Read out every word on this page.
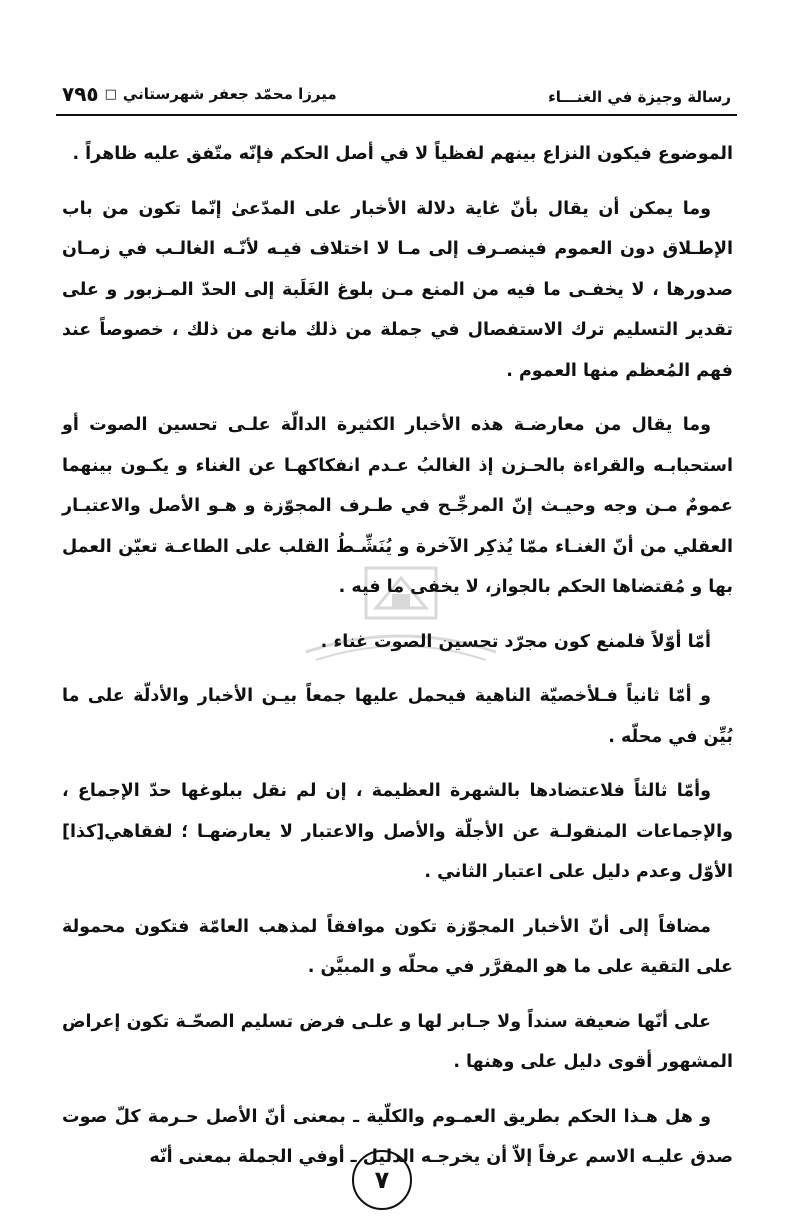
رسالة وجيزة في الغنـــاء
ميرزا محمّد جعفر شهرستاني
□
٧٩٥

الموضوع فيكون النزاع بينهم لفظياً لا في أصل الحكم فإنّه متّفق عليه ظاهراً .

وما يمكن أن يقال بأنّ غاية دلالة الأخبار على المدّعىٰ إنّما تكون من باب الإطـلاق دون العموم فينصـرف إلى مـا لا اختلاف فيـه لأنّـه الغالـب في زمـان صدورها ، لا يخفـى ما فيه من المنع مـن بلوغ الغَلَبة إلى الحدّ المـزبور و على تقدير التسليم ترك الاستفصال في جملة من ذلك مانع من ذلك ، خصوصاً عند فهم المُعظم منها العموم .

وما يقال من معارضـة هذه الأخبار الكثيرة الدالّة علـى تحسين الصوت أو استحبابـه والقراءة بالحـزن إذ الغالبُ عـدم انفكاكهـا عن الغناء و يكـون بينهما عمومٌ مـن وجه وحيـث إنّ المرجِّـح في طـرف المجوّزة و هـو الأصل والاعتبـار العقلي من أنّ الغنـاء ممّا يُذكِر الآخرة و يُنَشِّـطُ القلب على الطاعـة تعيّن العمل بها و مُقتضاها الحكم بالجواز، لا يخفى ما فيه .

أمّا أوّلاً فلمنع كون مجرّد تحسين الصوت غناء .

و أمّا ثانياً فـلأخصيّة الناهية فيحمل عليها جمعاً بيـن الأخبار والأدلّة على ما بُيِّن في محلّه .

وأمّا ثالثاً فلاعتضادها بالشهرة العظيمة ، إن لم نقل ببلوغها حدّ الإجماع ، والإجماعات المنقولـة عن الأجلّة والأصل والاعتبار لا يعارضهـا ؛ لفقاهي[كذا] الأوّل وعدم دليل على اعتبار الثاني .

مضافاً إلى أنّ الأخبار المجوّزة تكون موافقاً لمذهب العامّة فتكون محمولة على التقية على ما هو المقرَّر في محلّه و المبيَّن .

على أنّها ضعيفة سنداً ولا جـابر لها و علـى فرض تسليم الصحّـة تكون إعراض المشهور أقوى دليل على وهنها .

و هل هـذا الحكم بطريق العمـوم والكلّية ـ بمعنى أنّ الأصل حـرمة كلّ صوت صدق عليـه الاسم عرفاً إلاّ أن يخرجـه الدليل ـ أوفي الجملة بمعنى أنّه

٧
